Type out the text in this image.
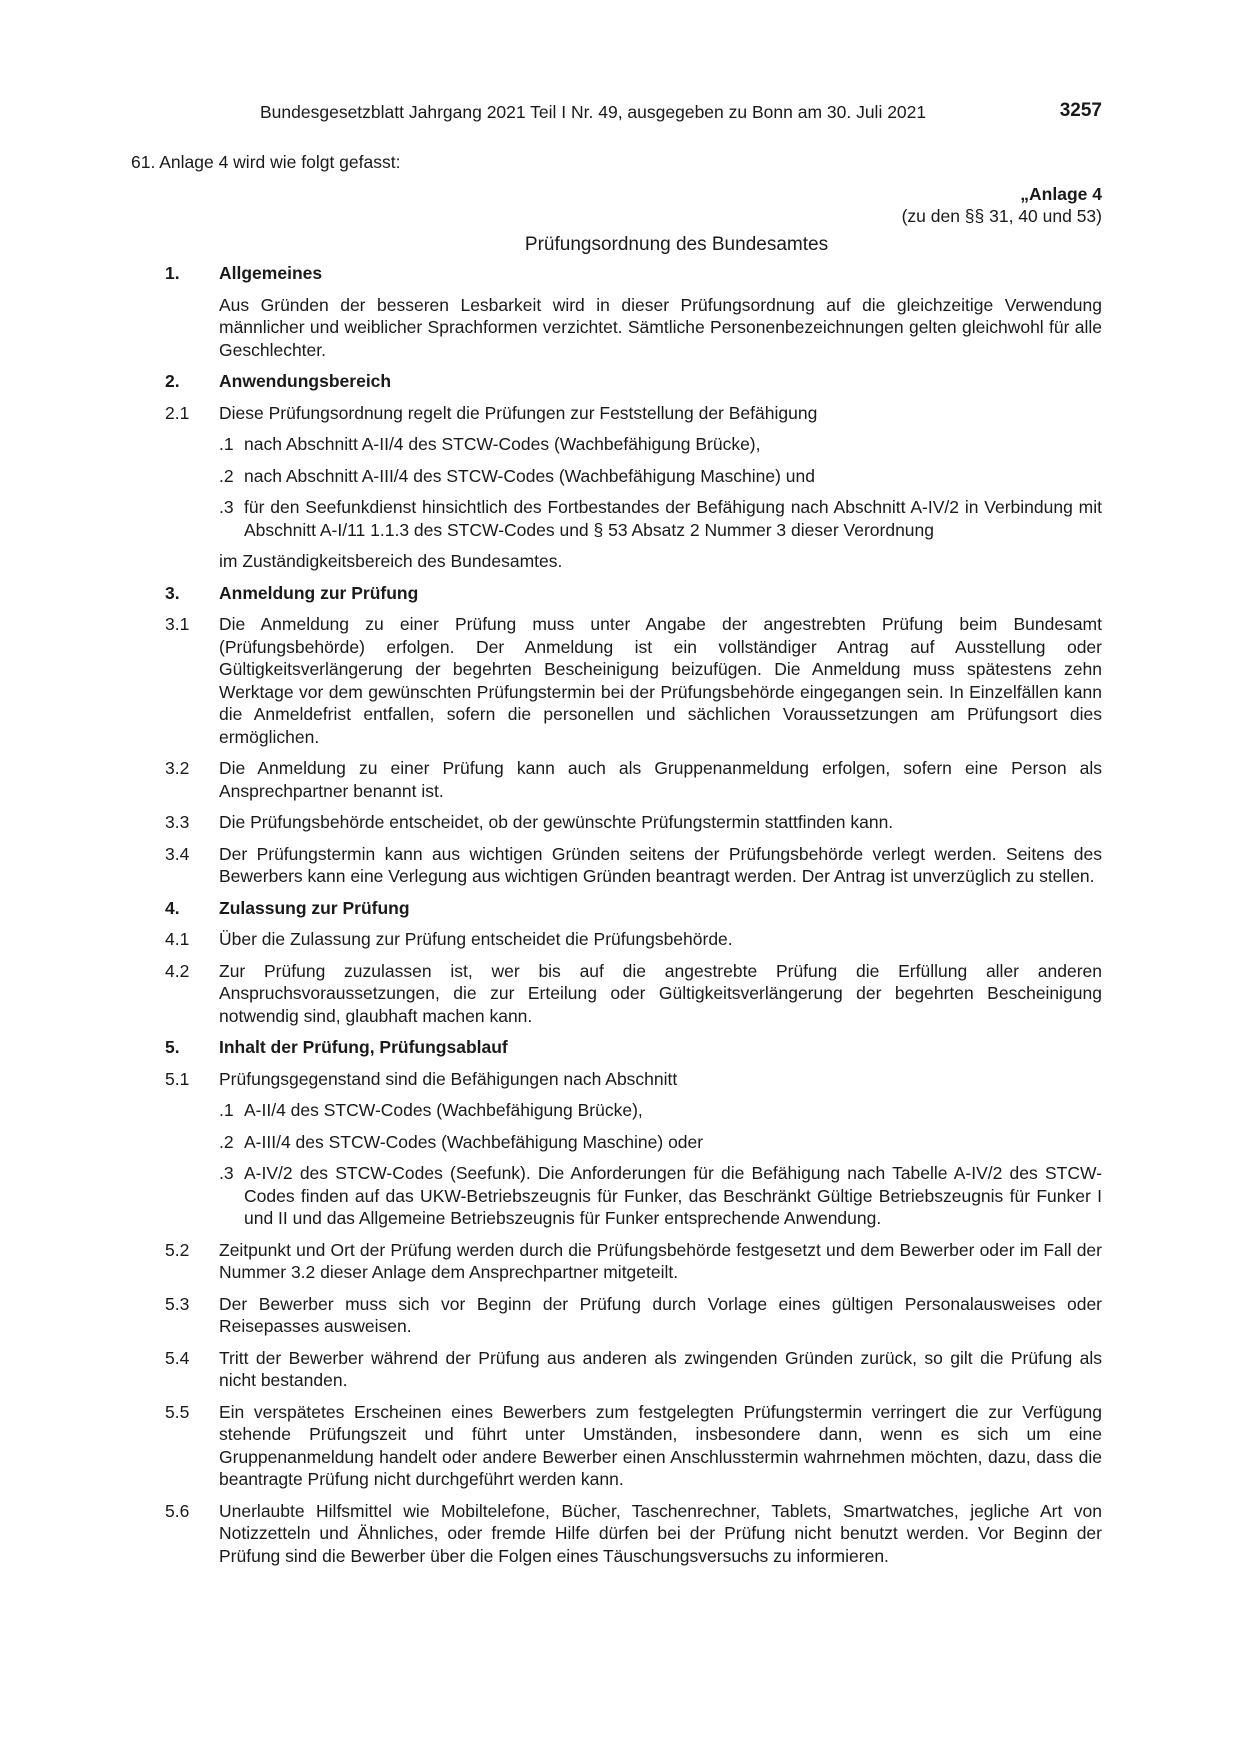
Bundesgesetzblatt Jahrgang 2021 Teil I Nr. 49, ausgegeben zu Bonn am 30. Juli 2021	3257

61. Anlage 4 wird wie folgt gefasst:

„Anlage 4

(zu den §§ 31, 40 und 53)

Prüfungsordnung des Bundesamtes

1. Allgemeines

Aus Gründen der besseren Lesbarkeit wird in dieser Prüfungsordnung auf die gleichzeitige Verwendung männlicher und weiblicher Sprachformen verzichtet. Sämtliche Personenbezeichnungen gelten gleichwohl für alle Geschlechter.

2. Anwendungsbereich
2.1 Diese Prüfungsordnung regelt die Prüfungen zur Feststellung der Befähigung
.1 nach Abschnitt A-II/4 des STCW-Codes (Wachbefähigung Brücke),
.2 nach Abschnitt A-III/4 des STCW-Codes (Wachbefähigung Maschine) und
.3 für den Seefunkdienst hinsichtlich des Fortbestandes der Befähigung nach Abschnitt A-IV/2 in Verbindung mit Abschnitt A-I/11 1.1.3 des STCW-Codes und § 53 Absatz 2 Nummer 3 dieser Verordnung

im Zuständigkeitsbereich des Bundesamtes.

3. Anmeldung zur Prüfung
3.1 Die Anmeldung zu einer Prüfung muss unter Angabe der angestrebten Prüfung beim Bundesamt (Prüfungsbehörde) erfolgen. Der Anmeldung ist ein vollständiger Antrag auf Ausstellung oder Gültigkeitsverlängerung der begehrten Bescheinigung beizufügen. Die Anmeldung muss spätestens zehn Werktage vor dem gewünschten Prüfungstermin bei der Prüfungsbehörde eingegangen sein. In Einzelfällen kann die Anmeldefrist entfallen, sofern die personellen und sächlichen Voraussetzungen am Prüfungsort dies ermöglichen.
3.2 Die Anmeldung zu einer Prüfung kann auch als Gruppenanmeldung erfolgen, sofern eine Person als Ansprechpartner benannt ist.
3.3 Die Prüfungsbehörde entscheidet, ob der gewünschte Prüfungstermin stattfinden kann.
3.4 Der Prüfungstermin kann aus wichtigen Gründen seitens der Prüfungsbehörde verlegt werden. Seitens des Bewerbers kann eine Verlegung aus wichtigen Gründen beantragt werden. Der Antrag ist unverzüglich zu stellen.
4. Zulassung zur Prüfung
4.1 Über die Zulassung zur Prüfung entscheidet die Prüfungsbehörde.
4.2 Zur Prüfung zuzulassen ist, wer bis auf die angestrebte Prüfung die Erfüllung aller anderen Anspruchsvoraussetzungen, die zur Erteilung oder Gültigkeitsverlängerung der begehrten Bescheinigung notwendig sind, glaubhaft machen kann.
5. Inhalt der Prüfung, Prüfungsablauf
5.1 Prüfungsgegenstand sind die Befähigungen nach Abschnitt
.1 A-II/4 des STCW-Codes (Wachbefähigung Brücke),
.2 A-III/4 des STCW-Codes (Wachbefähigung Maschine) oder
.3 A-IV/2 des STCW-Codes (Seefunk). Die Anforderungen für die Befähigung nach Tabelle A-IV/2 des STCW-Codes finden auf das UKW-Betriebszeugnis für Funker, das Beschränkt Gültige Betriebszeugnis für Funker I und II und das Allgemeine Betriebszeugnis für Funker entsprechende Anwendung.
5.2 Zeitpunkt und Ort der Prüfung werden durch die Prüfungsbehörde festgesetzt und dem Bewerber oder im Fall der Nummer 3.2 dieser Anlage dem Ansprechpartner mitgeteilt.
5.3 Der Bewerber muss sich vor Beginn der Prüfung durch Vorlage eines gültigen Personalausweises oder Reisepasses ausweisen.
5.4 Tritt der Bewerber während der Prüfung aus anderen als zwingenden Gründen zurück, so gilt die Prüfung als nicht bestanden.
5.5 Ein verspätetes Erscheinen eines Bewerbers zum festgelegten Prüfungstermin verringert die zur Verfügung stehende Prüfungszeit und führt unter Umständen, insbesondere dann, wenn es sich um eine Gruppenanmeldung handelt oder andere Bewerber einen Anschlusstermin wahrnehmen möchten, dazu, dass die beantragte Prüfung nicht durchgeführt werden kann.
5.6 Unerlaubte Hilfsmittel wie Mobiltelefone, Bücher, Taschenrechner, Tablets, Smartwatches, jegliche Art von Notizzetteln und Ähnliches, oder fremde Hilfe dürfen bei der Prüfung nicht benutzt werden. Vor Beginn der Prüfung sind die Bewerber über die Folgen eines Täuschungsversuchs zu informieren.
